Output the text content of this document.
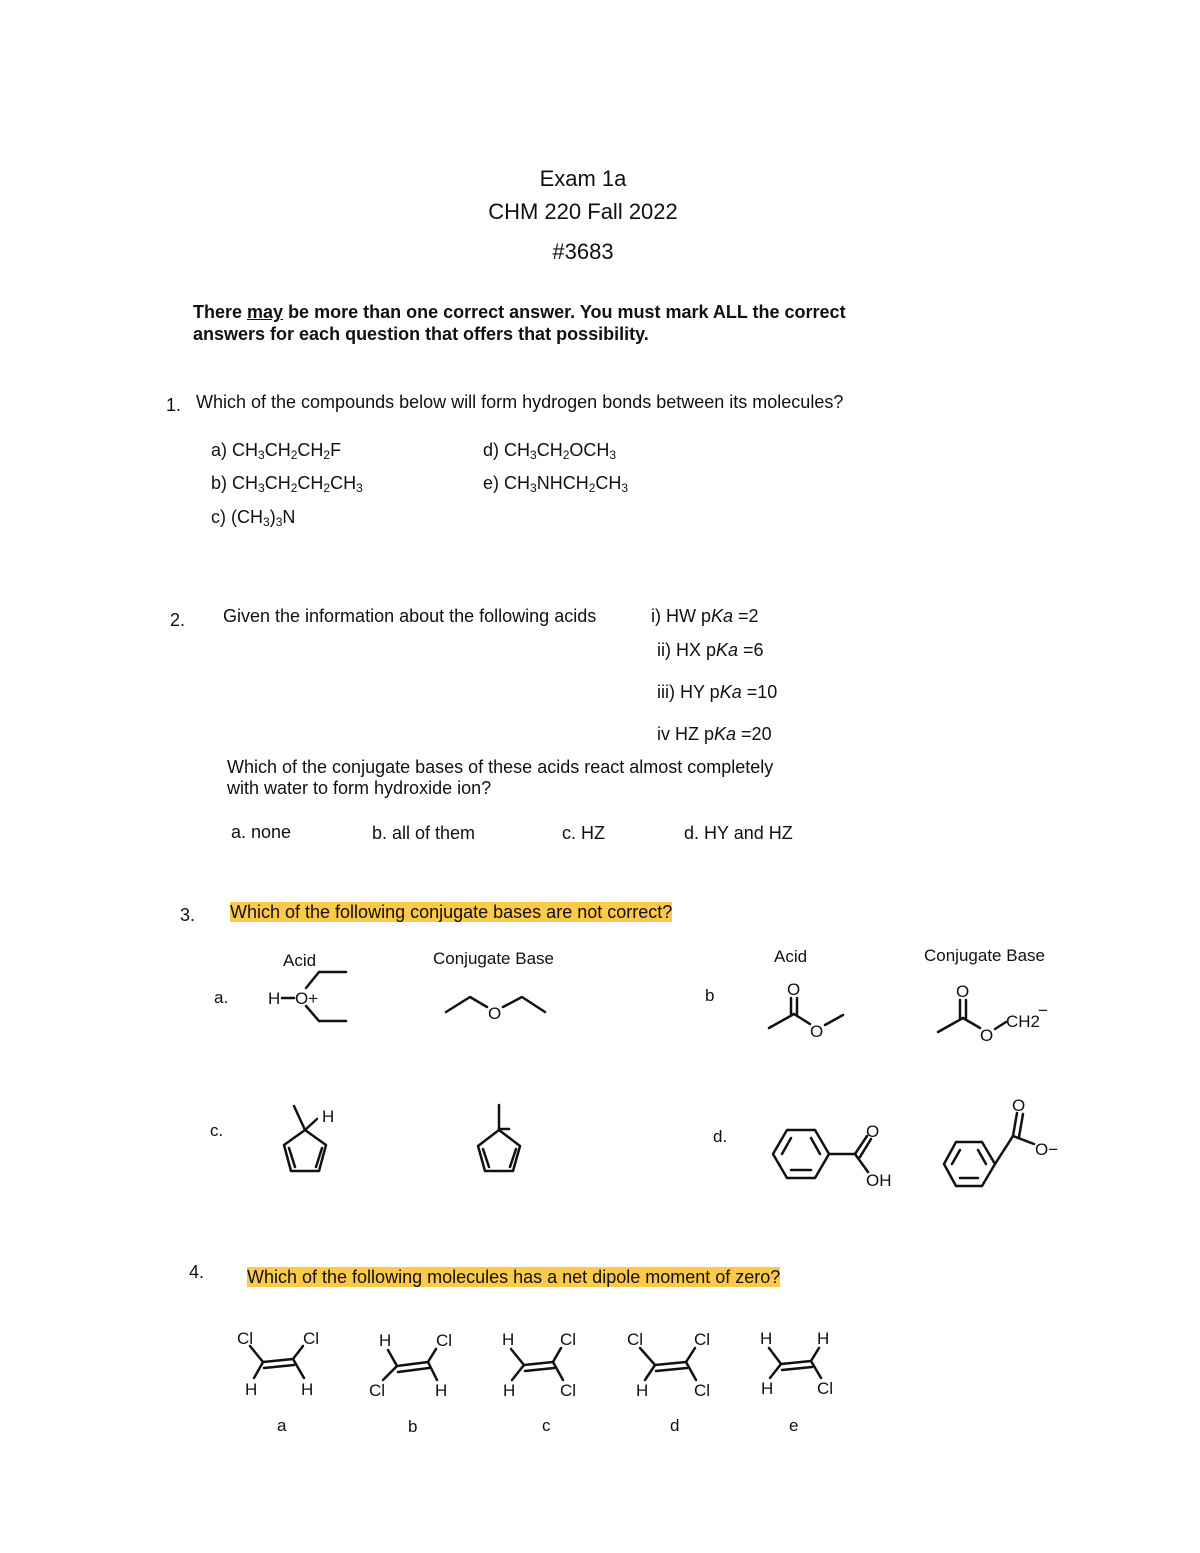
Exam 1a
CHM 220 Fall 2022
#3683
There may be more than one correct answer. You must mark ALL the correct
answers for each question that offers that possibility.
1. Which of the compounds below will form hydrogen bonds between its molecules?
a) $CH_3CH_2CH_2F$
b) $CH_3CH_2CH_2CH_3$
c) $(CH_3)_3N$
d) $CH_3CH_2OCH_3$
e) $CH_3NHCH_2CH_3$
2. Given the information about the following acids	i) HW pKa =2
ii) HX pKa =6
iii) HY pKa =10
iv HZ pKa =20
Which of the conjugate bases of these acids react almost completely
with water to form hydroxide ion?
a. none	b. all of them	c. HZ	d. HY and HZ
3. Which of the following conjugate bases are not correct?
Acid	Conjugate Base	Acid	Conjugate Base
a.	b
c.	d.
H O+
O
O
O
O
O
CH2
−
H
O
OH
O
O−
4. Which of the following molecules has a net dipole moment of zero?
Cl	Cl
H	H
H	Cl
Cl	H
H	Cl
H	Cl
Cl	Cl
H	Cl
H	H
H	Cl
a	b	c	d	e
